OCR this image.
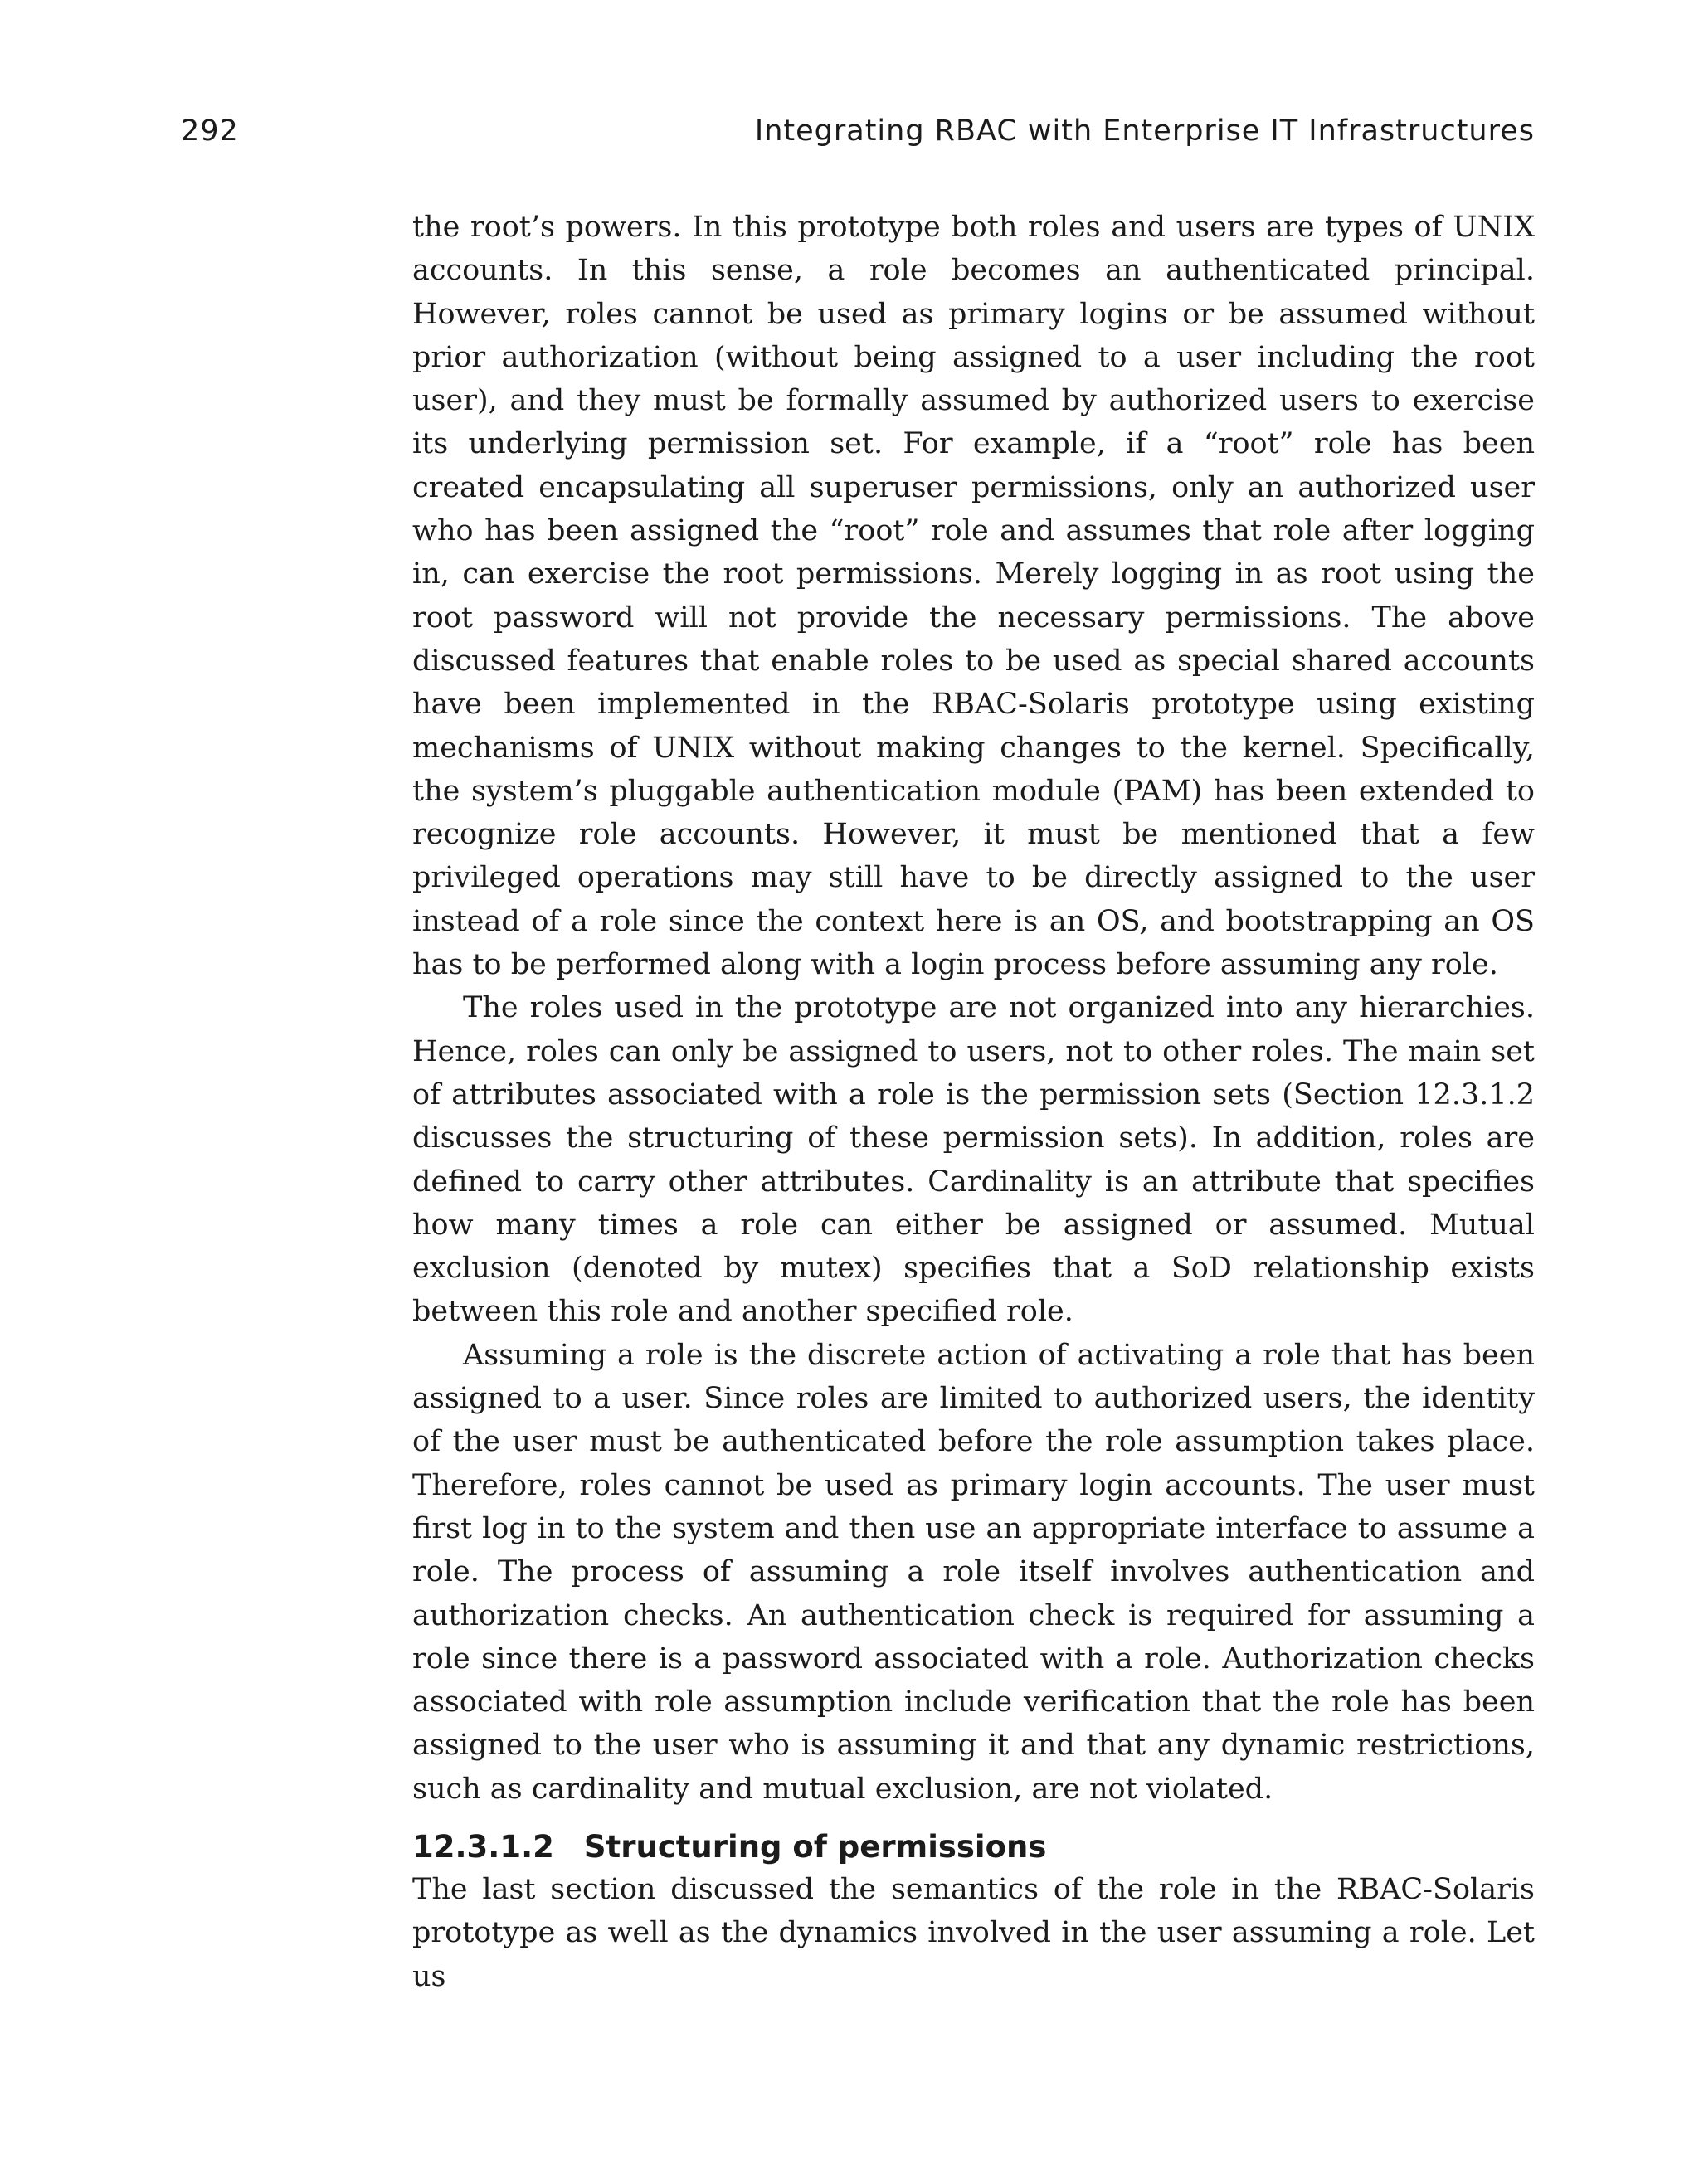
292	Integrating RBAC with Enterprise IT Infrastructures

the root’s powers. In this prototype both roles and users are types of UNIX accounts. In this sense, a role becomes an authenticated principal. However, roles cannot be used as primary logins or be assumed without prior authorization (without being assigned to a user including the root user), and they must be formally assumed by authorized users to exercise its underlying permission set. For example, if a “root” role has been created encapsulating all superuser permissions, only an authorized user who has been assigned the “root” role and assumes that role after logging in, can exercise the root permissions. Merely logging in as root using the root password will not provide the necessary permissions. The above discussed features that enable roles to be used as special shared accounts have been implemented in the RBAC-Solaris prototype using existing mechanisms of UNIX without making changes to the kernel. Specifically, the system’s pluggable authentication module (PAM) has been extended to recognize role accounts. However, it must be mentioned that a few privileged operations may still have to be directly assigned to the user instead of a role since the context here is an OS, and bootstrapping an OS has to be performed along with a login process before assuming any role.

The roles used in the prototype are not organized into any hierarchies. Hence, roles can only be assigned to users, not to other roles. The main set of attributes associated with a role is the permission sets (Section 12.3.1.2 discusses the structuring of these permission sets). In addition, roles are defined to carry other attributes. Cardinality is an attribute that specifies how many times a role can either be assigned or assumed. Mutual exclusion (denoted by mutex) specifies that a SoD relationship exists between this role and another specified role.

Assuming a role is the discrete action of activating a role that has been assigned to a user. Since roles are limited to authorized users, the identity of the user must be authenticated before the role assumption takes place. Therefore, roles cannot be used as primary login accounts. The user must first log in to the system and then use an appropriate interface to assume a role. The process of assuming a role itself involves authentication and authorization checks. An authentication check is required for assuming a role since there is a password associated with a role. Authorization checks associated with role assumption include verification that the role has been assigned to the user who is assuming it and that any dynamic restrictions, such as cardinality and mutual exclusion, are not violated.

12.3.1.2 Structuring of permissions

The last section discussed the semantics of the role in the RBAC-Solaris prototype as well as the dynamics involved in the user assuming a role. Let us
